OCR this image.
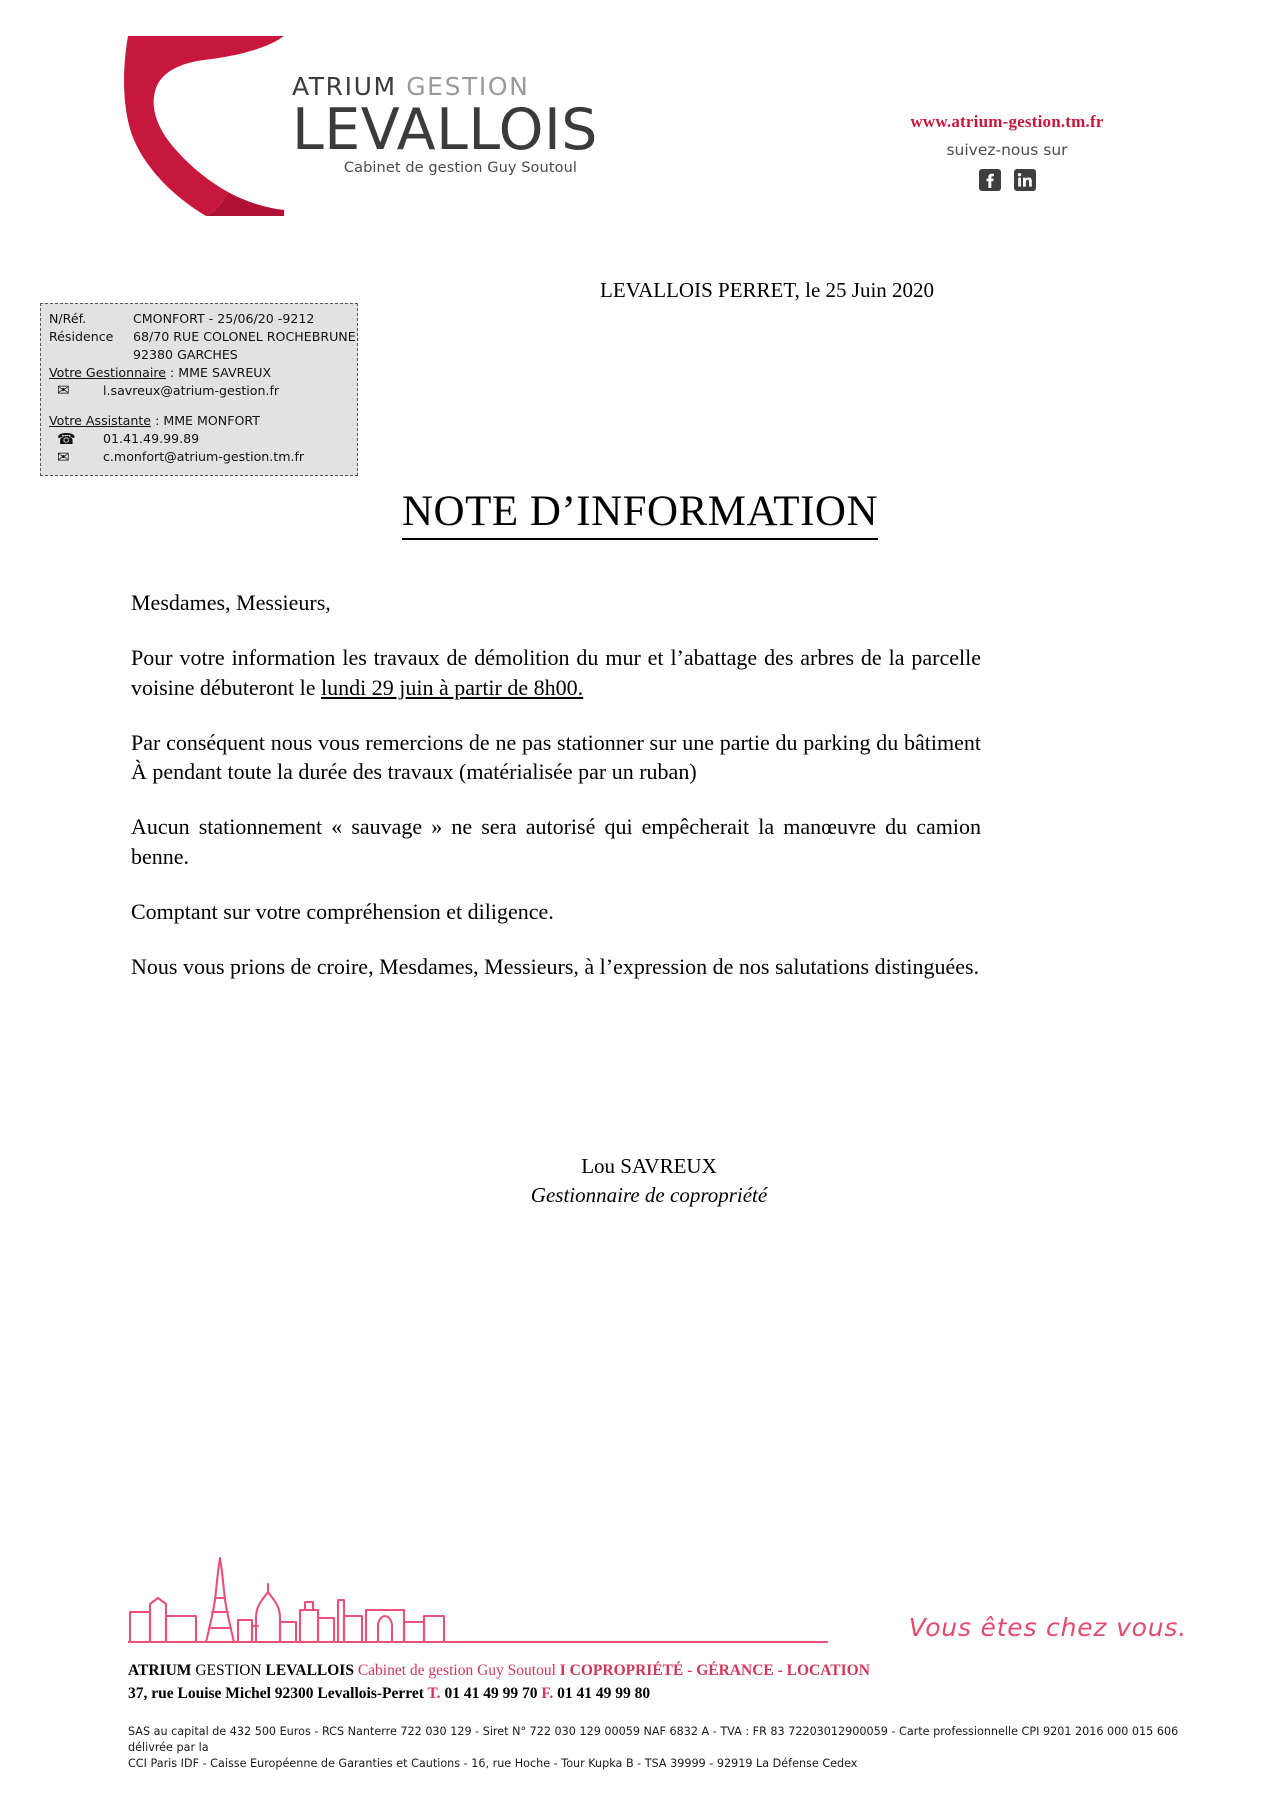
ATRIUM GESTION
LEVALLOIS
Cabinet de gestion Guy Soutoul
www.atrium-gestion.tm.fr
suivez-nous sur
LEVALLOIS PERRET, le 25 Juin 2020
N/Réf.	CMONFORT - 25/06/20 -9212
Résidence	68/70 RUE COLONEL ROCHEBRUNE
92380 GARCHES
Votre Gestionnaire : MME SAVREUX
✉	l.savreux@atrium-gestion.fr
Votre Assistante : MME MONFORT
☎	01.41.49.99.89
✉	c.monfort@atrium-gestion.tm.fr
NOTE D’INFORMATION

Mesdames, Messieurs,

Pour votre information les travaux de démolition du mur et l’abattage des arbres de la parcelle voisine débuteront le lundi 29 juin à partir de 8h00.

Par conséquent nous vous remercions de ne pas stationner sur une partie du parking du bâtiment À pendant toute la durée des travaux (matérialisée par un ruban)

Aucun stationnement « sauvage » ne sera autorisé qui empêcherait la manœuvre du camion benne.

Comptant sur votre compréhension et diligence.

Nous vous prions de croire, Mesdames, Messieurs, à l’expression de nos salutations distinguées.

Lou SAVREUX
Gestionnaire de copropriété
Vous êtes chez vous.
ATRIUM GESTION LEVALLOIS Cabinet de gestion Guy Soutoul I COPROPRIÉTÉ - GÉRANCE - LOCATION
37, rue Louise Michel 92300 Levallois-Perret T. 01 41 49 99 70 F. 01 41 49 99 80
SAS au capital de 432 500 Euros - RCS Nanterre 722 030 129 - Siret N° 722 030 129 00059 NAF 6832 A - TVA : FR 83 72203012900059 - Carte professionnelle CPI 9201 2016 000 015 606 délivrée par la
CCI Paris IDF - Caisse Européenne de Garanties et Cautions - 16, rue Hoche - Tour Kupka B - TSA 39999 - 92919 La Défense Cedex
